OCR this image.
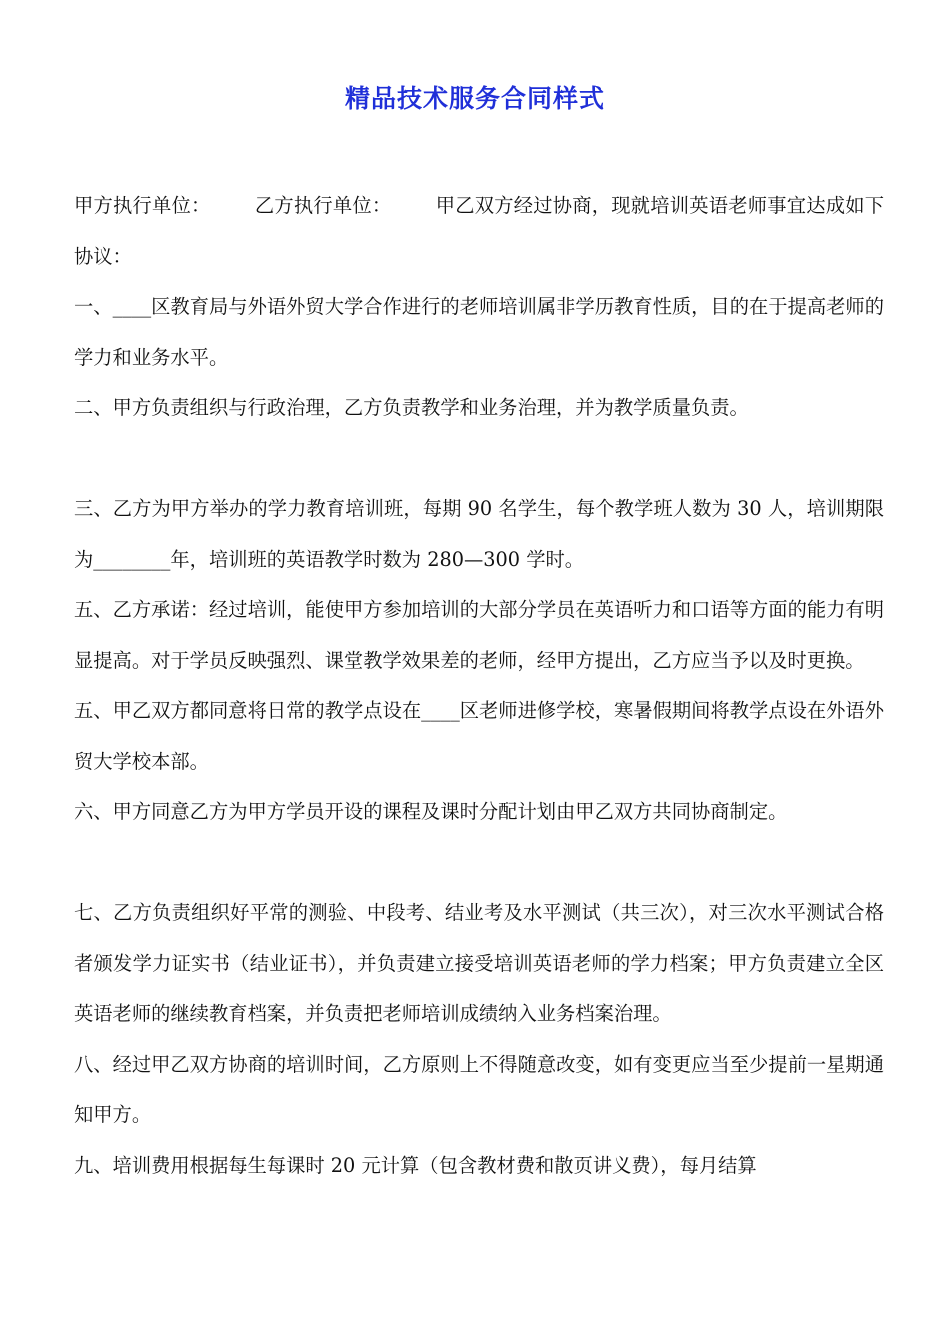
精品技术服务合同样式

甲方执行单位：       乙方执行单位：       甲乙双方经过协商，现就培训英语老师事宜达成如下协议：

一、____区教育局与外语外贸大学合作进行的老师培训属非学历教育性质，目的在于提高老师的学力和业务水平。

二、甲方负责组织与行政治理，乙方负责教学和业务治理，并为教学质量负责。

三、乙方为甲方举办的学力教育培训班，每期 90 名学生，每个教学班人数为 30 人，培训期限为________年，培训班的英语教学时数为 280—300 学时。

五、乙方承诺：经过培训，能使甲方参加培训的大部分学员在英语听力和口语等方面的能力有明显提高。对于学员反映强烈、课堂教学效果差的老师，经甲方提出，乙方应当予以及时更换。

五、甲乙双方都同意将日常的教学点设在____区老师进修学校，寒暑假期间将教学点设在外语外贸大学校本部。

六、甲方同意乙方为甲方学员开设的课程及课时分配计划由甲乙双方共同协商制定。

七、乙方负责组织好平常的测验、中段考、结业考及水平测试（共三次），对三次水平测试合格者颁发学力证实书（结业证书），并负责建立接受培训英语老师的学力档案；甲方负责建立全区英语老师的继续教育档案，并负责把老师培训成绩纳入业务档案治理。

八、经过甲乙双方协商的培训时间，乙方原则上不得随意改变，如有变更应当至少提前一星期通知甲方。

九、培训费用根据每生每课时 20 元计算（包含教材费和散页讲义费），每月结算
